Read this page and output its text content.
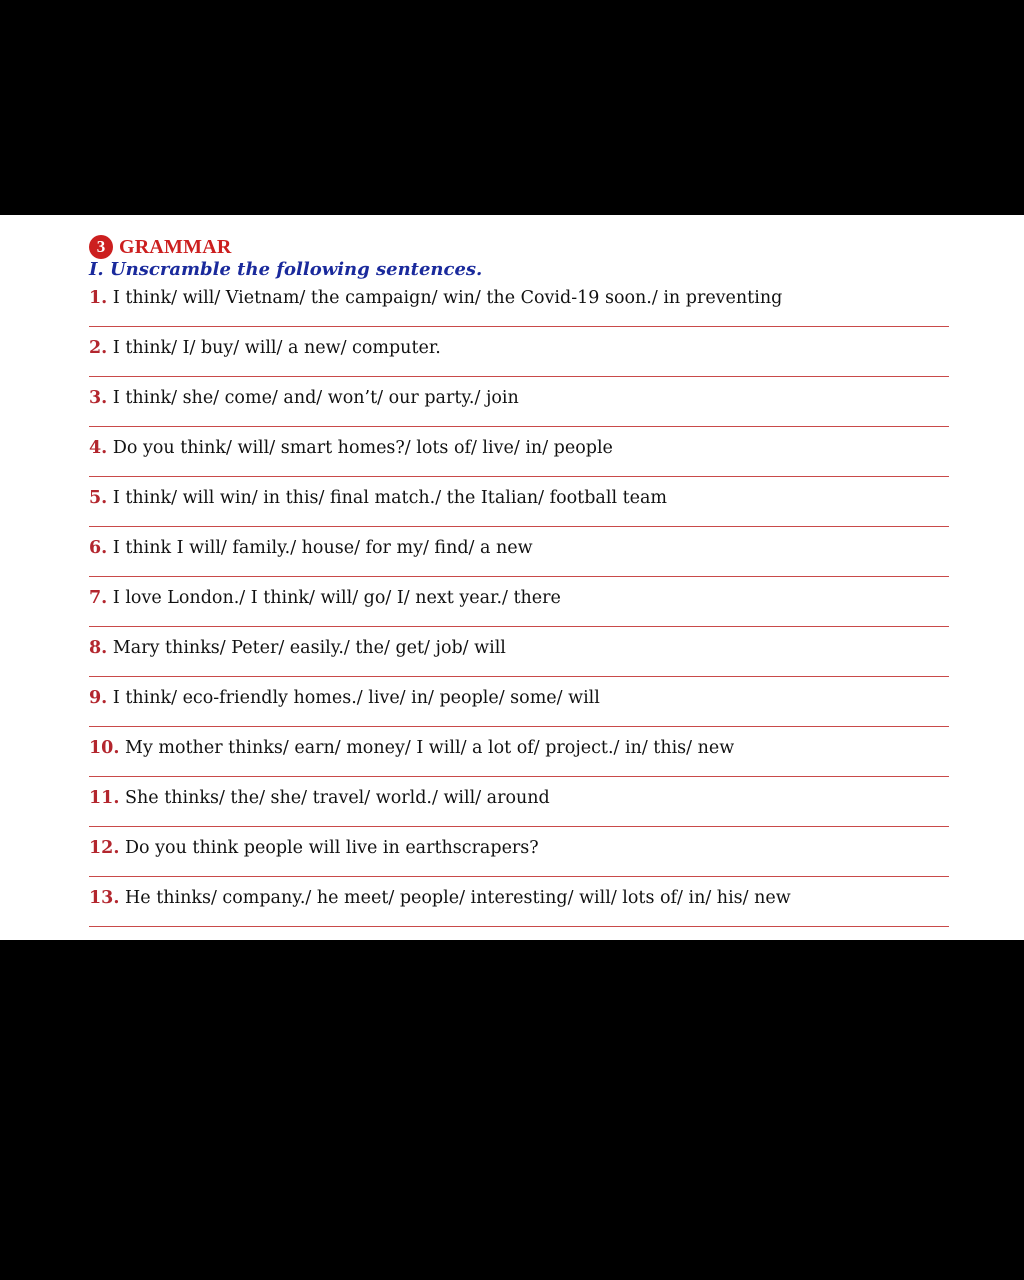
3 GRAMMAR
I. Unscramble the following sentences.
1. I think/ will/ Vietnam/ the campaign/ win/ the Covid-19 soon./ in preventing
2. I think/ I/ buy/ will/ a new/ computer.
3. I think/ she/ come/ and/ won’t/ our party./ join
4. Do you think/ will/ smart homes?/ lots of/ live/ in/ people
5. I think/ will win/ in this/ final match./ the Italian/ football team
6. I think I will/ family./ house/ for my/ find/ a new
7. I love London./ I think/ will/ go/ I/ next year./ there
8. Mary thinks/ Peter/ easily./ the/ get/ job/ will
9. I think/ eco-friendly homes./ live/ in/ people/ some/ will
10. My mother thinks/ earn/ money/ I will/ a lot of/ project./ in/ this/ new
11. She thinks/ the/ she/ travel/ world./ will/ around
12. Do you think people will live in earthscrapers?
13. He thinks/ company./ he meet/ people/ interesting/ will/ lots of/ in/ his/ new
